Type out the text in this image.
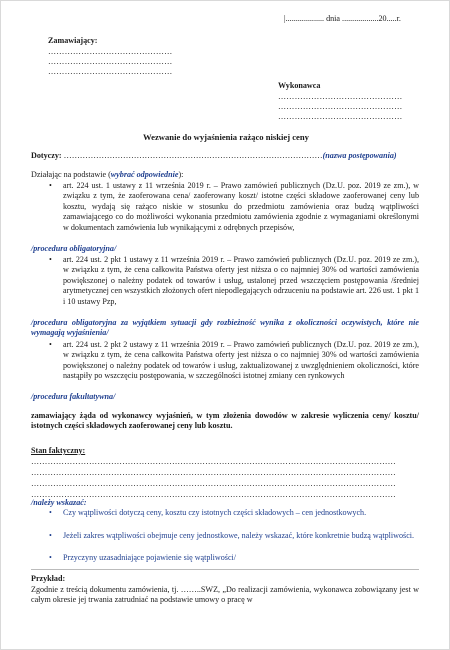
|................... dnia ..................20.....r.
Zamawiający:
………………………………………
………………………………………
………………………………………
Wykonawca
………………………………………
………………………………………
………………………………………
Wezwanie do wyjaśnienia rażąco niskiej ceny
Dotyczy: ……………………………………………………………………………………(nazwa postępowania)
Działając na podstawie (wybrać odpowiednie):
• art. 224 ust. 1 ustawy z 11 września 2019 r. – Prawo zamówień publicznych (Dz.U. poz. 2019 ze zm.), w związku z tym, że zaoferowana cena/ zaoferowany koszt/ istotne części składowe zaoferowanej ceny lub kosztu, wydają się rażąco niskie w stosunku do przedmiotu zamówienia oraz budzą wątpliwości zamawiającego co do możliwości wykonania przedmiotu zamówienia zgodnie z wymaganiami określonymi w dokumentach zamówienia lub wynikającymi z odrębnych przepisów,
/procedura obligatoryjna/
• art. 224 ust. 2 pkt 1 ustawy z 11 września 2019 r. – Prawo zamówień publicznych (Dz.U. poz. 2019 ze zm.), w związku z tym, że cena całkowita Państwa oferty jest niższa o co najmniej 30% od wartości zamówienia powiększonej o należny podatek od towarów i usług, ustalonej przed wszczęciem postępowania /średniej arytmetycznej cen wszystkich złożonych ofert niepodlegających odrzuceniu na podstawie art. 226 ust. 1 pkt 1 i 10 ustawy Pzp,
/procedura obligatoryjna za wyjątkiem sytuacji gdy rozbieżność wynika z okoliczności oczywistych, które nie wymagają wyjaśnienia/
• art. 224 ust. 2 pkt 2 ustawy z 11 września 2019 r. – Prawo zamówień publicznych (Dz.U. poz. 2019 ze zm.), w związku z tym, że cena całkowita Państwa oferty jest niższa o co najmniej 30% od wartości zamówienia powiększonej o należny podatek od towarów i usług, zaktualizowanej z uwzględnieniem okoliczności, które nastąpiły po wszczęciu postępowania, w szczególności istotnej zmiany cen rynkowych
/procedura fakultatywna/
zamawiający żąda od wykonawcy wyjaśnień, w tym złożenia dowodów w zakresie wyliczenia ceny/ kosztu/ istotnych części składowych zaoferowanej ceny lub kosztu.
Stan faktyczny:
……………………………………………………………………………………………………………………
……………………………………………………………………………………………………………………
……………………………………………………………………………………………………………………
……………………………………………………………………………………………………………………
/należy wskazać:
• Czy wątpliwości dotyczą ceny, kosztu czy istotnych części składowych – cen jednostkowych.
• Jeżeli zakres wątpliwości obejmuje ceny jednostkowe, należy wskazać, które konkretnie budzą wątpliwości.
• Przyczyny uzasadniające pojawienie się wątpliwości/
Przykład:
Zgodnie z treścią dokumentu zamówienia, tj. ……..SWZ, „Do realizacji zamówienia, wykonawca zobowiązany jest w całym okresie jej trwania zatrudniać na podstawie umowy o pracę w
